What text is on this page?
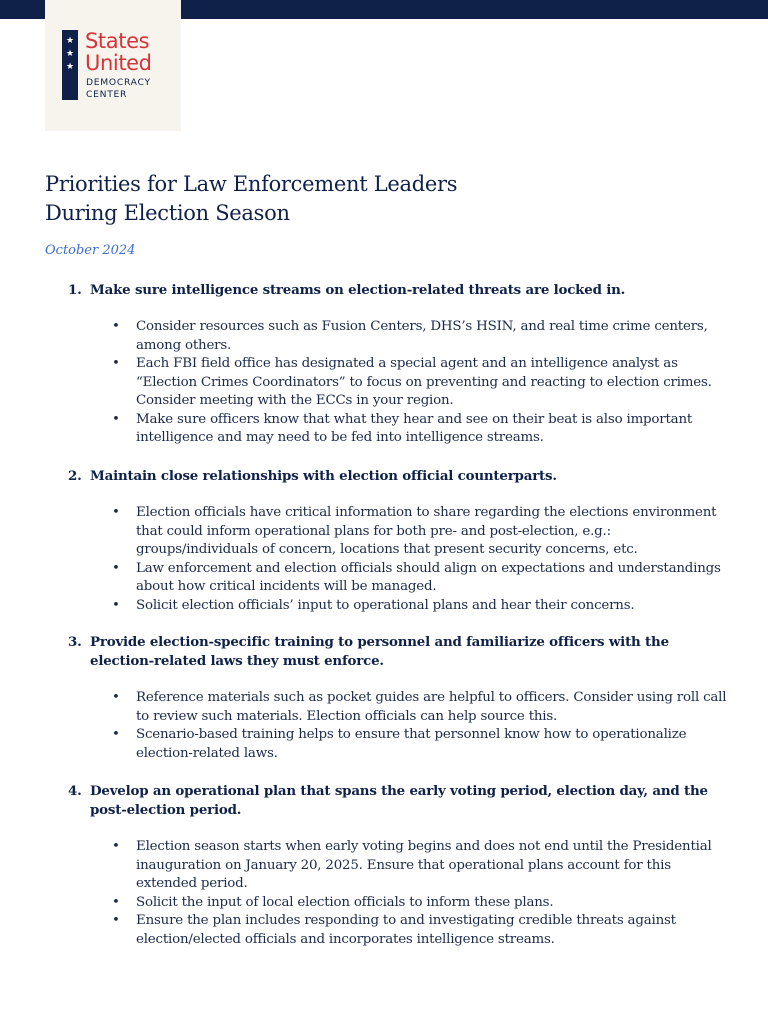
★
★
★
States
United
DEMOCRACY
CENTER
Priorities for Law Enforcement Leaders
During Election Season
October 2024
1. Make sure intelligence streams on election-related threats are locked in.
• Consider resources such as Fusion Centers, DHS’s HSIN, and real time crime centers, among others.
• Each FBI field office has designated a special agent and an intelligence analyst as “Election Crimes Coordinators” to focus on preventing and reacting to election crimes. Consider meeting with the ECCs in your region.
• Make sure officers know that what they hear and see on their beat is also important intelligence and may need to be fed into intelligence streams.
2. Maintain close relationships with election official counterparts.
• Election officials have critical information to share regarding the elections environment that could inform operational plans for both pre- and post-election, e.g.: groups/individuals of concern, locations that present security concerns, etc.
• Law enforcement and election officials should align on expectations and understandings about how critical incidents will be managed.
• Solicit election officials’ input to operational plans and hear their concerns.
3. Provide election-specific training to personnel and familiarize officers with the election-related laws they must enforce.
• Reference materials such as pocket guides are helpful to officers. Consider using roll call to review such materials. Election officials can help source this.
• Scenario-based training helps to ensure that personnel know how to operationalize election-related laws.
4. Develop an operational plan that spans the early voting period, election day, and the post-election period.
• Election season starts when early voting begins and does not end until the Presidential inauguration on January 20, 2025. Ensure that operational plans account for this extended period.
• Solicit the input of local election officials to inform these plans.
• Ensure the plan includes responding to and investigating credible threats against election/elected officials and incorporates intelligence streams.
